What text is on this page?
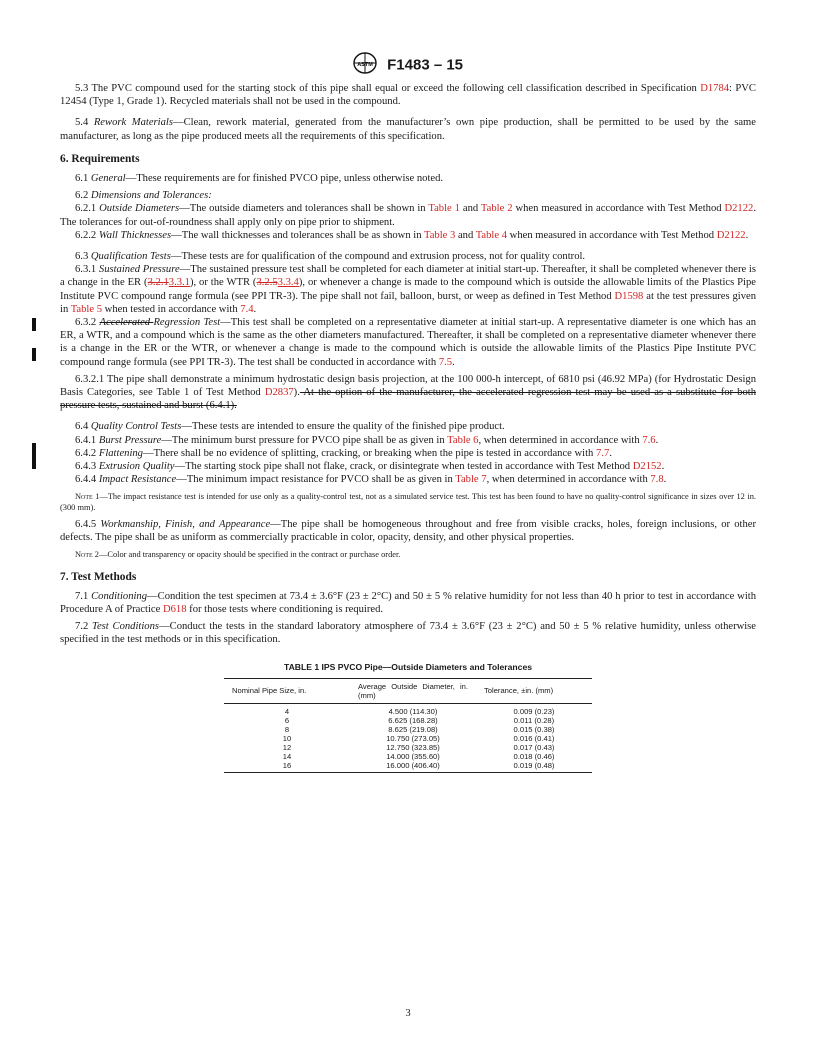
ASTM F1483 – 15

5.3 The PVC compound used for the starting stock of this pipe shall equal or exceed the following cell classification described in Specification D1784: PVC 12454 (Type 1, Grade 1). Recycled materials shall not be used in the compound.

5.4 Rework Materials—Clean, rework material, generated from the manufacturer’s own pipe production, shall be permitted to be used by the same manufacturer, as long as the pipe produced meets all the requirements of this specification.

6. Requirements

6.1 General—These requirements are for finished PVCO pipe, unless otherwise noted.

6.2 Dimensions and Tolerances:

6.2.1 Outside Diameters—The outside diameters and tolerances shall be shown in Table 1 and Table 2 when measured in accordance with Test Method D2122. The tolerances for out-of-roundness shall apply only on pipe prior to shipment.

6.2.2 Wall Thicknesses—The wall thicknesses and tolerances shall be as shown in Table 3 and Table 4 when measured in accordance with Test Method D2122.

6.3 Qualification Tests—These tests are for qualification of the compound and extrusion process, not for quality control.

6.3.1 Sustained Pressure—The sustained pressure test shall be completed for each diameter at initial start-up. Thereafter, it shall be completed whenever there is a change in the ER (3.2.13.3.1), or the WTR (3.2.53.3.4), or whenever a change is made to the compound which is outside the allowable limits of the Plastics Pipe Institute PVC compound range formula (see PPI TR-3). The pipe shall not fail, balloon, burst, or weep as defined in Test Method D1598 at the test pressures given in Table 5 when tested in accordance with 7.4.

6.3.2 Accelerated Regression Test—This test shall be completed on a representative diameter at initial start-up. A representative diameter is one which has an ER, a WTR, and a compound which is the same as the other diameters manufactured. Thereafter, it shall be completed on a representative diameter whenever there is a change in the ER or the WTR, or whenever a change is made to the compound which is outside the allowable limits of the Plastics Pipe Institute PVC compound range formula (see PPI TR-3). The test shall be conducted in accordance with 7.5.

6.3.2.1 The pipe shall demonstrate a minimum hydrostatic design basis projection, at the 100 000-h intercept, of 6810 psi (46.92 MPa) (for Hydrostatic Design Basis Categories, see Table 1 of Test Method D2837). At the option of the manufacturer, the accelerated regression test may be used as a substitute for both pressure tests, sustained and burst (6.4.1).

6.4 Quality Control Tests—These tests are intended to ensure the quality of the finished pipe product.

6.4.1 Burst Pressure—The minimum burst pressure for PVCO pipe shall be as given in Table 6, when determined in accordance with 7.6.

6.4.2 Flattening—There shall be no evidence of splitting, cracking, or breaking when the pipe is tested in accordance with 7.7.

6.4.3 Extrusion Quality—The starting stock pipe shall not flake, crack, or disintegrate when tested in accordance with Test Method D2152.

6.4.4 Impact Resistance—The minimum impact resistance for PVCO shall be as given in Table 7, when determined in accordance with 7.8.

Note 1—The impact resistance test is intended for use only as a quality-control test, not as a simulated service test. This test has been found to have no quality-control significance in sizes over 12 in. (300 mm).

6.4.5 Workmanship, Finish, and Appearance—The pipe shall be homogeneous throughout and free from visible cracks, holes, foreign inclusions, or other defects. The pipe shall be as uniform as commercially practicable in color, opacity, density, and other physical properties.

Note 2—Color and transparency or opacity should be specified in the contract or purchase order.

7. Test Methods

7.1 Conditioning—Condition the test specimen at 73.4 ± 3.6°F (23 ± 2°C) and 50 ± 5 % relative humidity for not less than 40 h prior to test in accordance with Procedure A of Practice D618 for those tests where conditioning is required.

7.2 Test Conditions—Conduct the tests in the standard laboratory atmosphere of 73.4 ± 3.6°F (23 ± 2°C) and 50 ± 5 % relative humidity, unless otherwise specified in the test methods or in this specification.

TABLE 1 IPS PVCO Pipe—Outside Diameters and Tolerances
Nominal Pipe Size, in.	Average Outside Diameter, in. (mm)	Tolerance, ±in. (mm)
4	4.500 (114.30)	0.009 (0.23)
6	6.625 (168.28)	0.011 (0.28)
8	8.625 (219.08)	0.015 (0.38)
10	10.750 (273.05)	0.016 (0.41)
12	12.750 (323.85)	0.017 (0.43)
14	14.000 (355.60)	0.018 (0.46)
16	16.000 (406.40)	0.019 (0.48)
3
